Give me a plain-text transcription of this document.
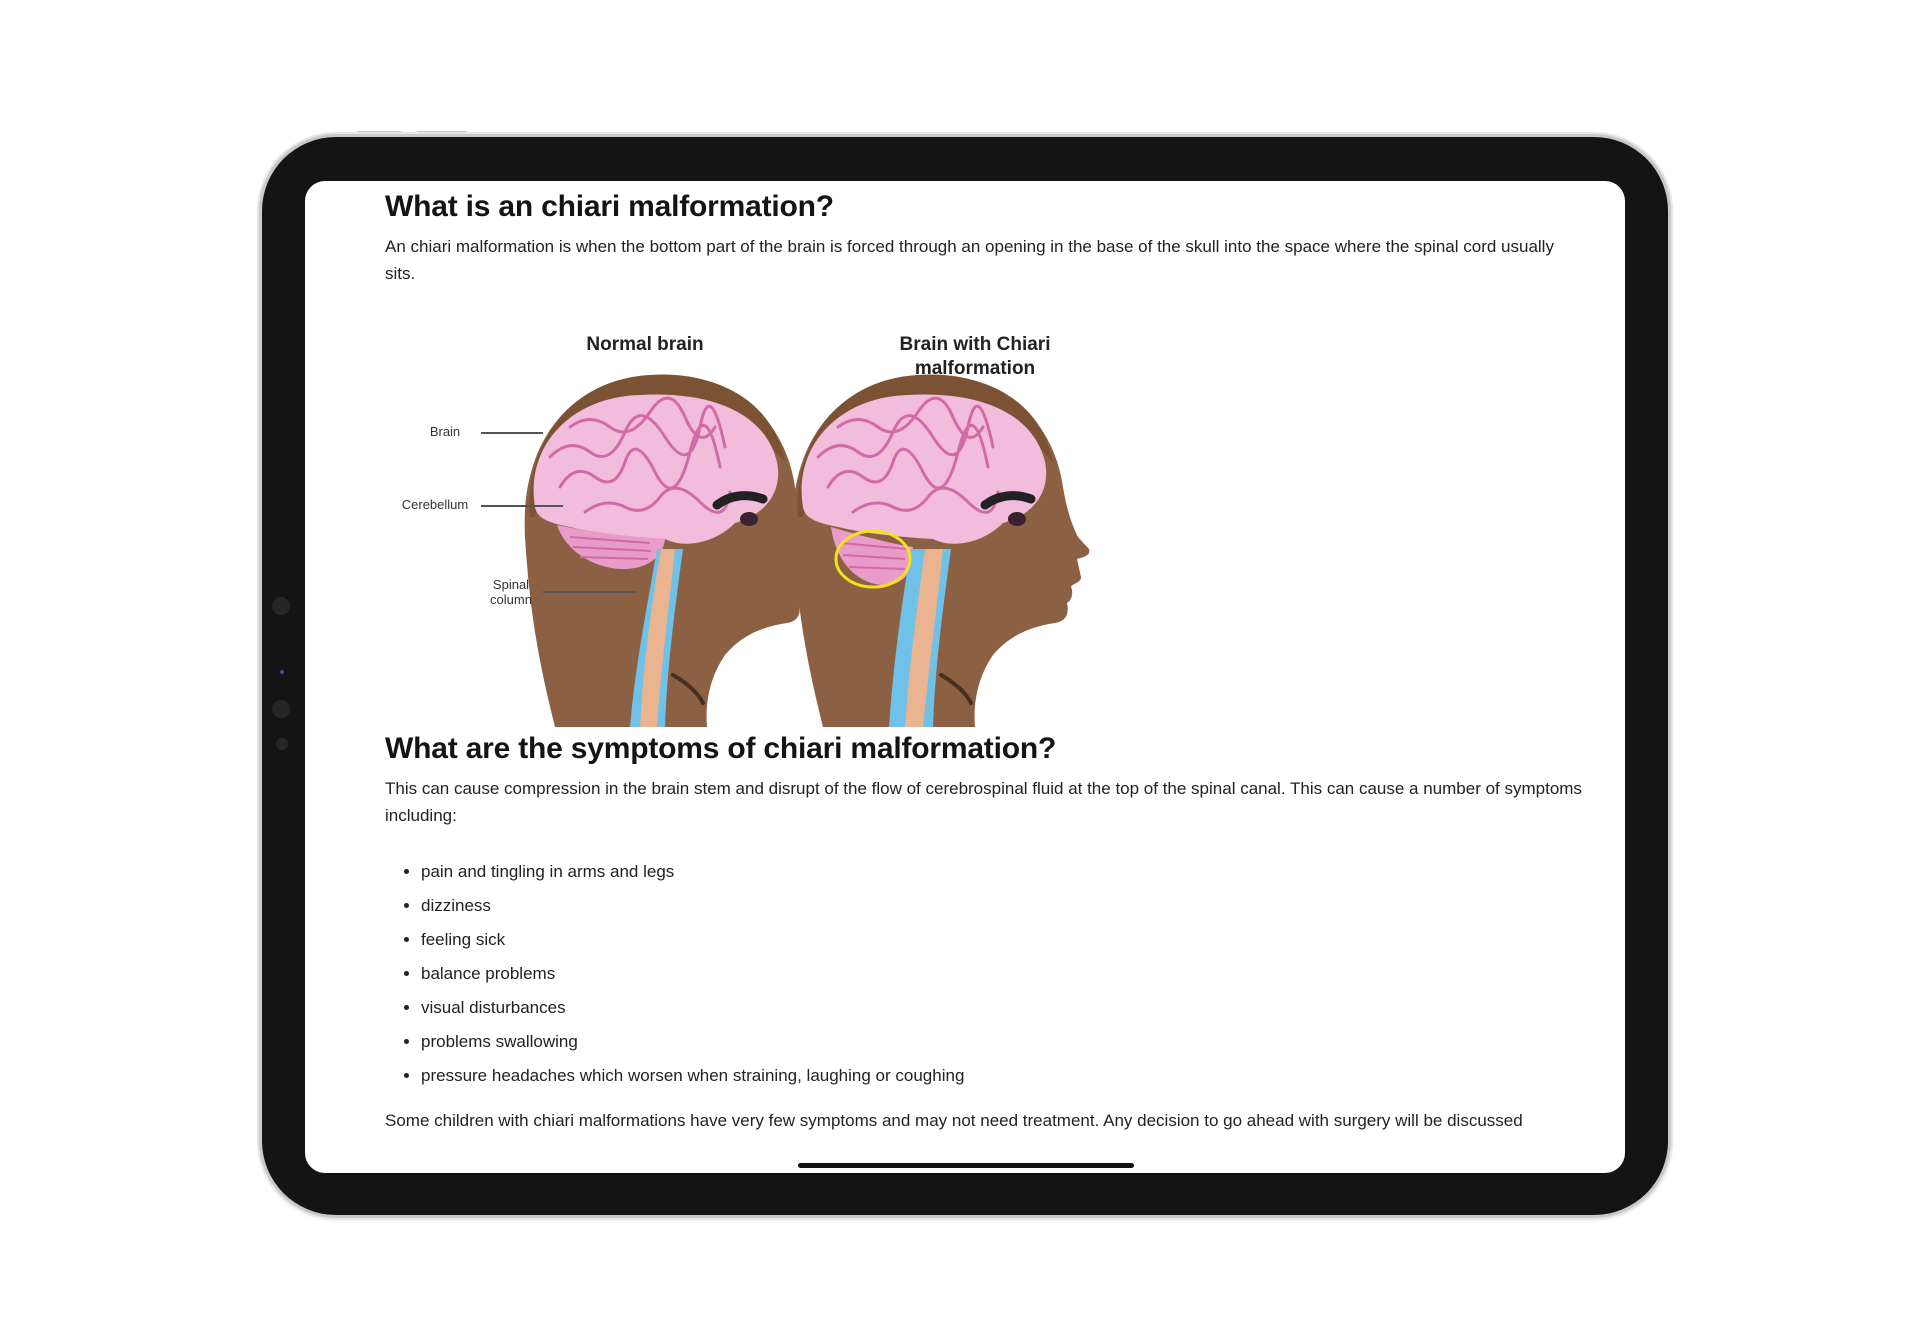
What is an chiari malformation?

An chiari malformation is when the bottom part of the brain is forced through an opening in the base of the skull into the space where the spinal cord usually sits.

Normal brain	Brain with Chiari
malformation
Brain
Cerebellum
Spinal
column
What are the symptoms of chiari malformation?

This can cause compression in the brain stem and disrupt of the flow of cerebrospinal fluid at the top of the spinal canal. This can cause a number of symptoms including:

• pain and tingling in arms and legs
• dizziness
• feeling sick
• balance problems
• visual disturbances
• problems swallowing
• pressure headaches which worsen when straining, laughing or coughing
Some children with chiari malformations have very few symptoms and may not need treatment. Any decision to go ahead with surgery will be discussed
